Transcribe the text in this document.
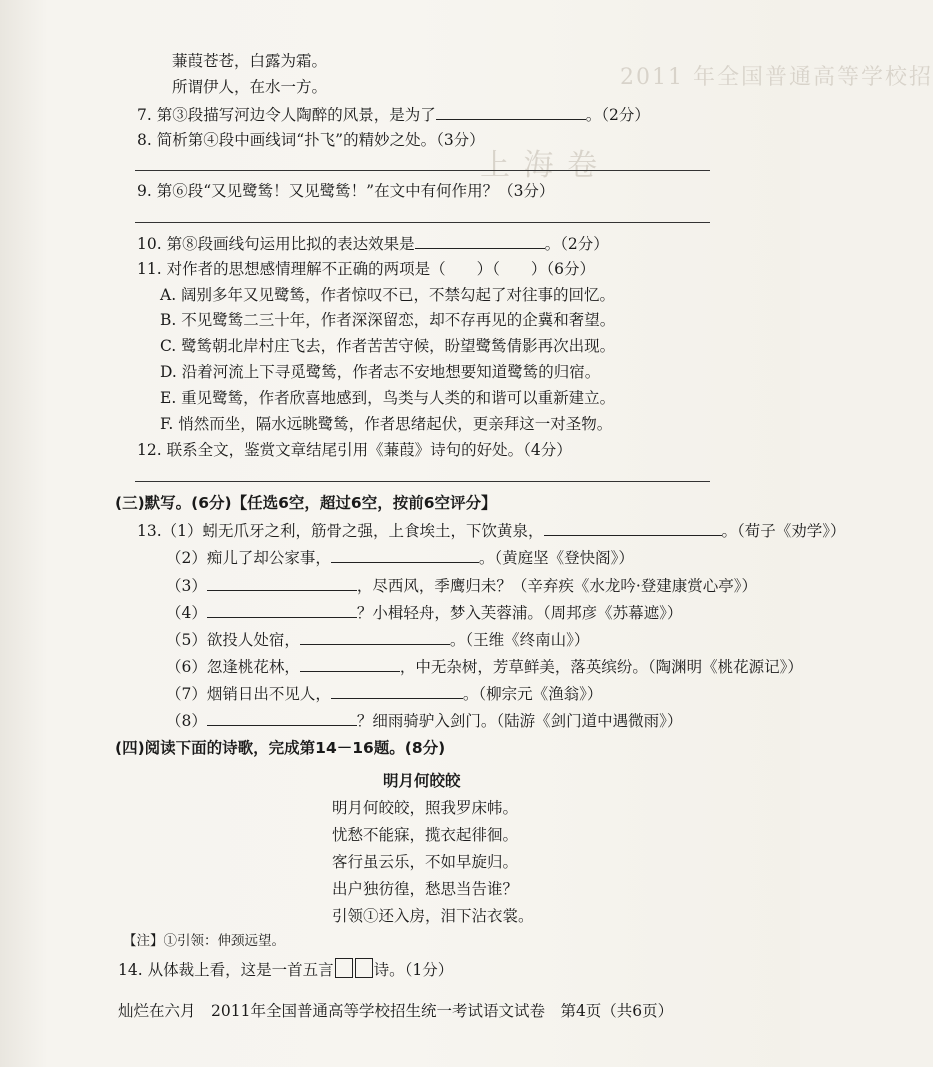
2011 年全国普通高等学校招
上 海 卷
蒹葭苍苍，白露为霜。
所谓伊人，在水一方。
7. 第③段描写河边令人陶醉的风景，是为了	。（2分）
8. 简析第④段中画线词“扑飞”的精妙之处。（3分）
9. 第⑥段“又见鹭鸶！又见鹭鸶！”在文中有何作用？（3分）
10. 第⑧段画线句运用比拟的表达效果是	。（2分）
11. 对作者的思想感情理解不正确的两项是（　　）（　　）（6分）
A. 阔别多年又见鹭鸶，作者惊叹不已，不禁勾起了对往事的回忆。
B. 不见鹭鸶二三十年，作者深深留恋，却不存再见的企冀和奢望。
C. 鹭鸶朝北岸村庄飞去，作者苦苦守候，盼望鹭鸶倩影再次出现。
D. 沿着河流上下寻觅鹭鸶，作者志不安地想要知道鹭鸶的归宿。
E. 重见鹭鸶，作者欣喜地感到，鸟类与人类的和谐可以重新建立。
F. 悄然而坐，隔水远眺鹭鸶，作者思绪起伏，更亲拜这一对圣物。
12. 联系全文，鉴赏文章结尾引用《蒹葭》诗句的好处。（4分）
(三)默写。(6分)【任选6空，超过6空，按前6空评分】
13.（1）蚓无爪牙之利，筋骨之强，上食埃土，下饮黄泉，	。（荀子《劝学》）
（2）痴儿了却公家事，	。（黄庭坚《登快阁》）
（3）	，尽西风，季鹰归未？（辛弃疾《水龙吟·登建康赏心亭》）
（4）	？小楫轻舟，梦入芙蓉浦。（周邦彦《苏幕遮》）
（5）欲投人处宿，	。（王维《终南山》）
（6）忽逢桃花林，	，中无杂树，芳草鲜美，落英缤纷。（陶渊明《桃花源记》）
（7）烟销日出不见人，	。（柳宗元《渔翁》）
（8）	？细雨骑驴入剑门。（陆游《剑门道中遇微雨》）
(四)阅读下面的诗歌，完成第14－16题。(8分)
【注】①引领：伸颈远望。
14. 从体裁上看，这是一首五言	诗。（1分）
灿烂在六月　2011年全国普通高等学校招生统一考试语文试卷　第4页（共6页）
明月何皎皎
明月何皎皎，照我罗床帏。
忧愁不能寐，揽衣起徘徊。
客行虽云乐，不如早旋归。
出户独彷徨，愁思当告谁？
引领①还入房，泪下沾衣裳。
